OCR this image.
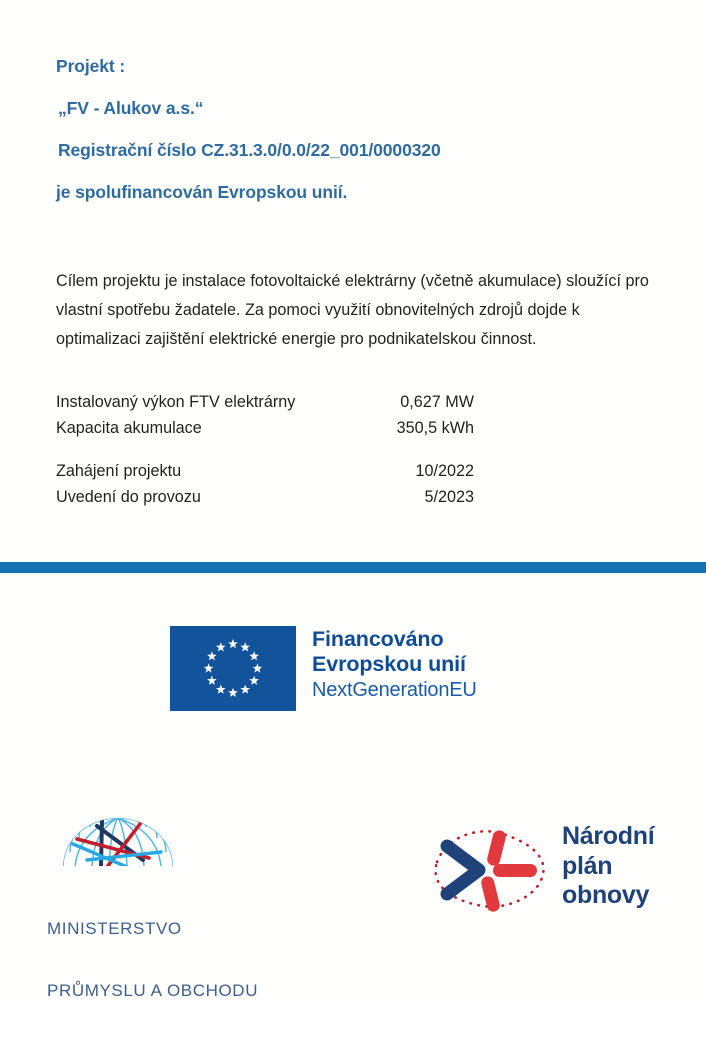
Projekt :
„FV - Alukov a.s.“
Registrační číslo CZ.31.3.0/0.0/22_001/0000320
je spolufinancován Evropskou unií.

Cílem projektu je instalace fotovoltaické elektrárny (včetně akumulace) sloužící pro vlastní spotřebu žadatele. Za pomoci využití obnovitelných zdrojů dojde k optimalizaci zajištění elektrické energie pro podnikatelskou činnost.

Instalovaný výkon FTV elektrárny	0,627 MW
Kapacita akumulace	350,5 kWh
Zahájení projektu	10/2022
Uvedení do provozu	5/2023
Financováno
Evropskou unií
NextGenerationEU

MINISTERSTVO

PRŮMYSLU A OBCHODU

Národní
plán
obnovy
